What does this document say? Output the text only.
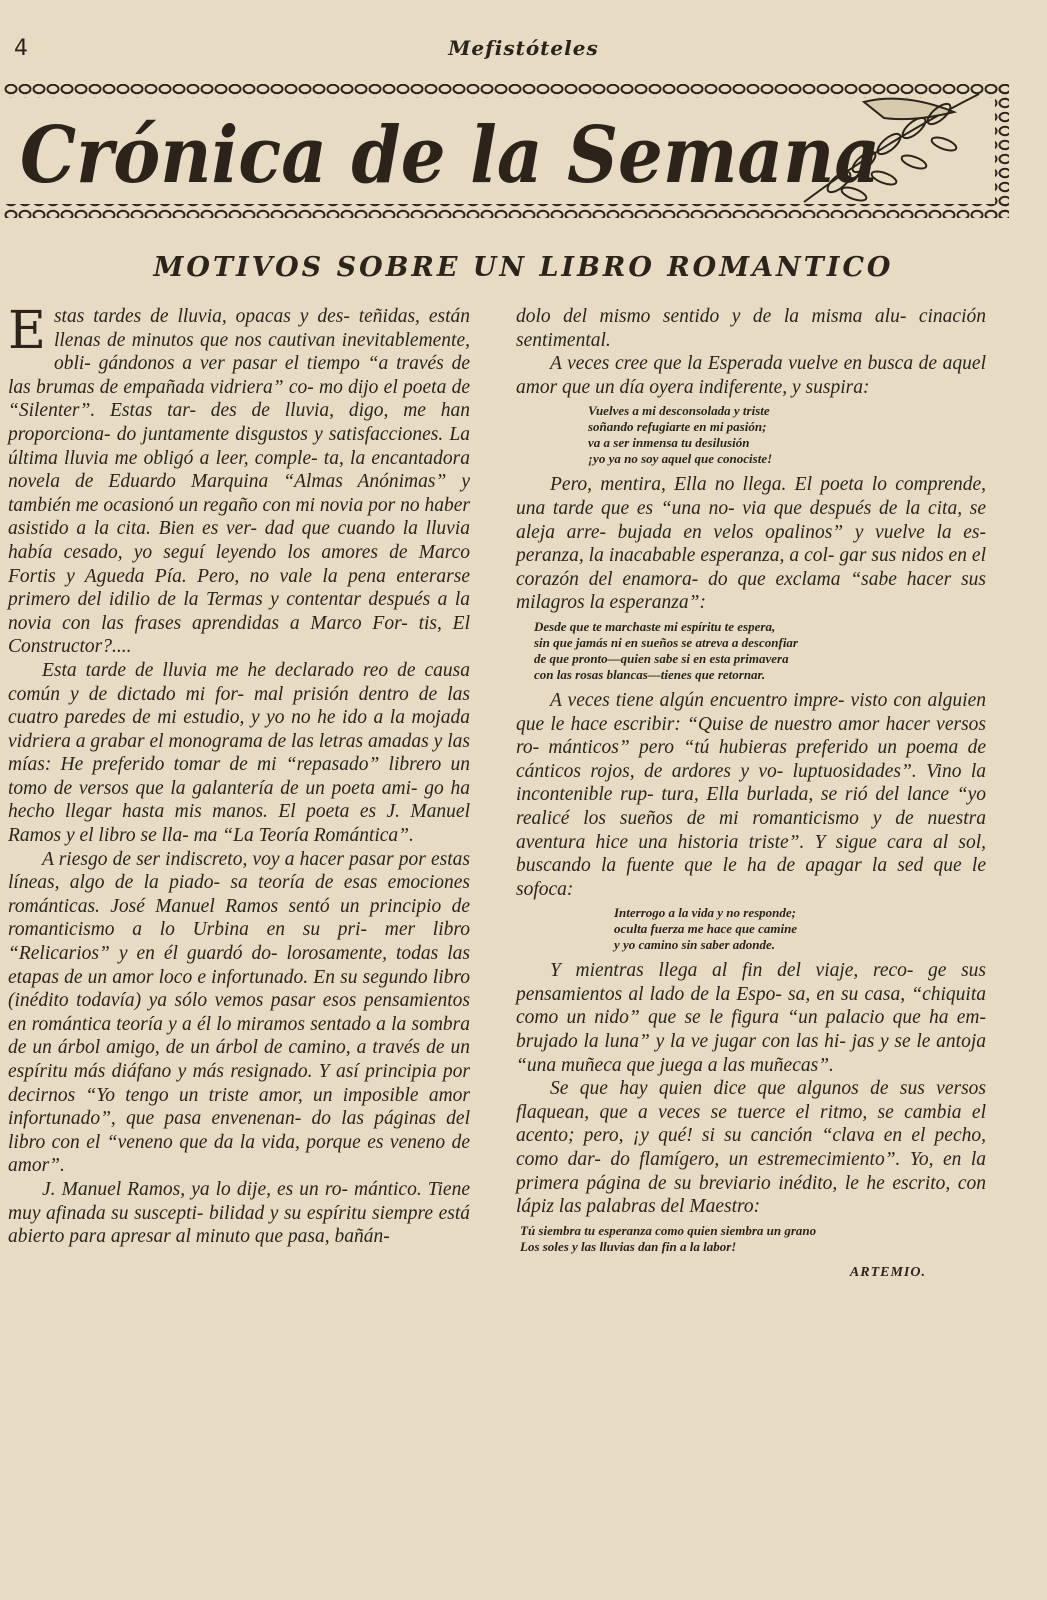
4	Mefistóteles
Crónica de la Semana
MOTIVOS SOBRE UN LIBRO ROMANTICO

E stas tardes de lluvia, opacas y des- teñidas, están llenas de minutos que nos cautivan inevitablemente, obli- gándonos a ver pasar el tiempo “a través de las brumas de empañada vidriera” co- mo dijo el poeta de “Silenter”. Estas tar- des de lluvia, digo, me han proporciona- do juntamente disgustos y satisfacciones. La última lluvia me obligó a leer, comple- ta, la encantadora novela de Eduardo Marquina “Almas Anónimas” y también me ocasionó un regaño con mi novia por no haber asistido a la cita. Bien es ver- dad que cuando la lluvia había cesado, yo seguí leyendo los amores de Marco Fortis y Agueda Pía. Pero, no vale la pena enterarse primero del idilio de la Termas y contentar después a la novia con las frases aprendidas a Marco For- tis, El Constructor?....

Esta tarde de lluvia me he declarado reo de causa común y de dictado mi for- mal prisión dentro de las cuatro paredes de mi estudio, y yo no he ido a la mojada vidriera a grabar el monograma de las letras amadas y las mías: He preferido tomar de mi “repasado” librero un tomo de versos que la galantería de un poeta ami- go ha hecho llegar hasta mis manos. El poeta es J. Manuel Ramos y el libro se lla- ma “La Teoría Romántica”.

A riesgo de ser indiscreto, voy a hacer pasar por estas líneas, algo de la piado- sa teoría de esas emociones románticas. José Manuel Ramos sentó un principio de romanticismo a lo Urbina en su pri- mer libro “Relicarios” y en él guardó do- lorosamente, todas las etapas de un amor loco e infortunado. En su segundo libro (inédito todavía) ya sólo vemos pasar esos pensamientos en romántica teoría y a él lo miramos sentado a la sombra de un árbol amigo, de un árbol de camino, a través de un espíritu más diáfano y más resignado. Y así principia por decirnos “Yo tengo un triste amor, un imposible amor infortunado”, que pasa envenenan- do las páginas del libro con el “veneno que da la vida, porque es veneno de amor”.

J. Manuel Ramos, ya lo dije, es un ro- mántico. Tiene muy afinada su suscepti- bilidad y su espíritu siempre está abierto para apresar al minuto que pasa, bañán-

dolo del mismo sentido y de la misma alu- cinación sentimental.

A veces cree que la Esperada vuelve en busca de aquel amor que un día oyera indiferente, y suspira:

Vuelves a mi desconsolada y triste
soñando refugiarte en mi pasión;
va a ser inmensa tu desilusión
¡yo ya no soy aquel que conociste!

Pero, mentira, Ella no llega. El poeta lo comprende, una tarde que es “una no- via que después de la cita, se aleja arre- bujada en velos opalinos” y vuelve la es- peranza, la inacabable esperanza, a col- gar sus nidos en el corazón del enamora- do que exclama “sabe hacer sus milagros la esperanza”:

Desde que te marchaste mi espíritu te espera,
sin que jamás ni en sueños se atreva a desconfiar
de que pronto—quien sabe si en esta primavera
con las rosas blancas—tienes que retornar.

A veces tiene algún encuentro impre- visto con alguien que le hace escribir: “Quise de nuestro amor hacer versos ro- mánticos” pero “tú hubieras preferido un poema de cánticos rojos, de ardores y vo- luptuosidades”. Vino la incontenible rup- tura, Ella burlada, se rió del lance “yo realicé los sueños de mi romanticismo y de nuestra aventura hice una historia triste”. Y sigue cara al sol, buscando la fuente que le ha de apagar la sed que le sofoca:

Interrogo a la vida y no responde;
oculta fuerza me hace que camine
y yo camino sin saber adonde.

Y mientras llega al fin del viaje, reco- ge sus pensamientos al lado de la Espo- sa, en su casa, “chiquita como un nido” que se le figura “un palacio que ha em- brujado la luna” y la ve jugar con las hi- jas y se le antoja “una muñeca que juega a las muñecas”.

Se que hay quien dice que algunos de sus versos flaquean, que a veces se tuerce el ritmo, se cambia el acento; pero, ¡y qué! si su canción “clava en el pecho, como dar- do flamígero, un estremecimiento”. Yo, en la primera página de su breviario inédito, le he escrito, con lápiz las palabras del Maestro:

Tú siembra tu esperanza como quien siembra un grano
Los soles y las lluvias dan fin a la labor!
ARTEMIO.
